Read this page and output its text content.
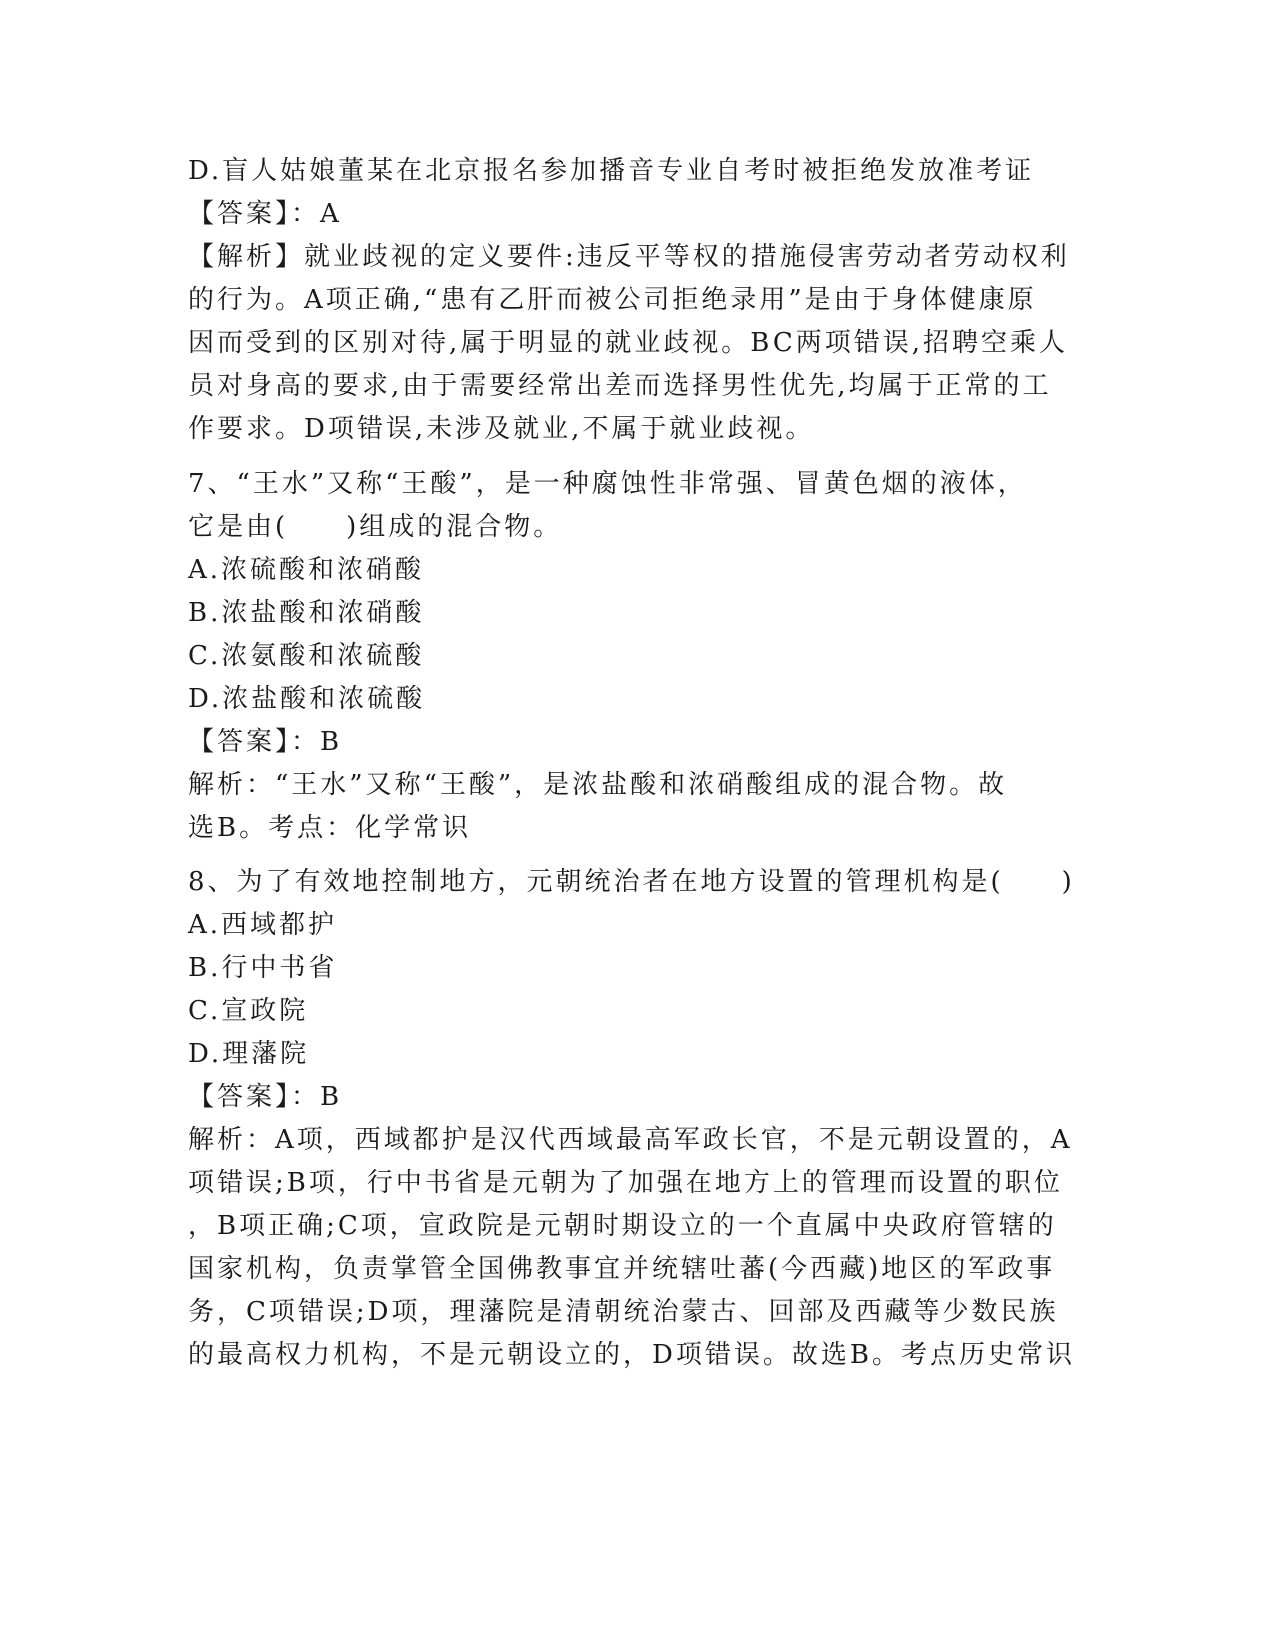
D.盲人姑娘董某在北京报名参加播音专业自考时被拒绝发放准考证
【答案】：A
【解析】就业歧视的定义要件:违反平等权的措施侵害劳动者劳动权利
的行为。A项正确,“患有乙肝而被公司拒绝录用”是由于身体健康原
因而受到的区别对待,属于明显的就业歧视。BC两项错误,招聘空乘人
员对身高的要求,由于需要经常出差而选择男性优先,均属于正常的工
作要求。D项错误,未涉及就业,不属于就业歧视。
7、“王水”又称“王酸”，是一种腐蚀性非常强、冒黄色烟的液体，
它是由(　　)组成的混合物。
A.浓硫酸和浓硝酸
B.浓盐酸和浓硝酸
C.浓氨酸和浓硫酸
D.浓盐酸和浓硫酸
【答案】：B
解析：“王水”又称“王酸”，是浓盐酸和浓硝酸组成的混合物。故
选B。考点：化学常识
8、为了有效地控制地方，元朝统治者在地方设置的管理机构是(　　)
A.西域都护
B.行中书省
C.宣政院
D.理藩院
【答案】：B
解析：A项，西域都护是汉代西域最高军政长官，不是元朝设置的，A
项错误;B项，行中书省是元朝为了加强在地方上的管理而设置的职位
，B项正确;C项，宣政院是元朝时期设立的一个直属中央政府管辖的
国家机构，负责掌管全国佛教事宜并统辖吐蕃(今西藏)地区的军政事
务，C项错误;D项，理藩院是清朝统治蒙古、回部及西藏等少数民族
的最高权力机构，不是元朝设立的，D项错误。故选B。考点历史常识
